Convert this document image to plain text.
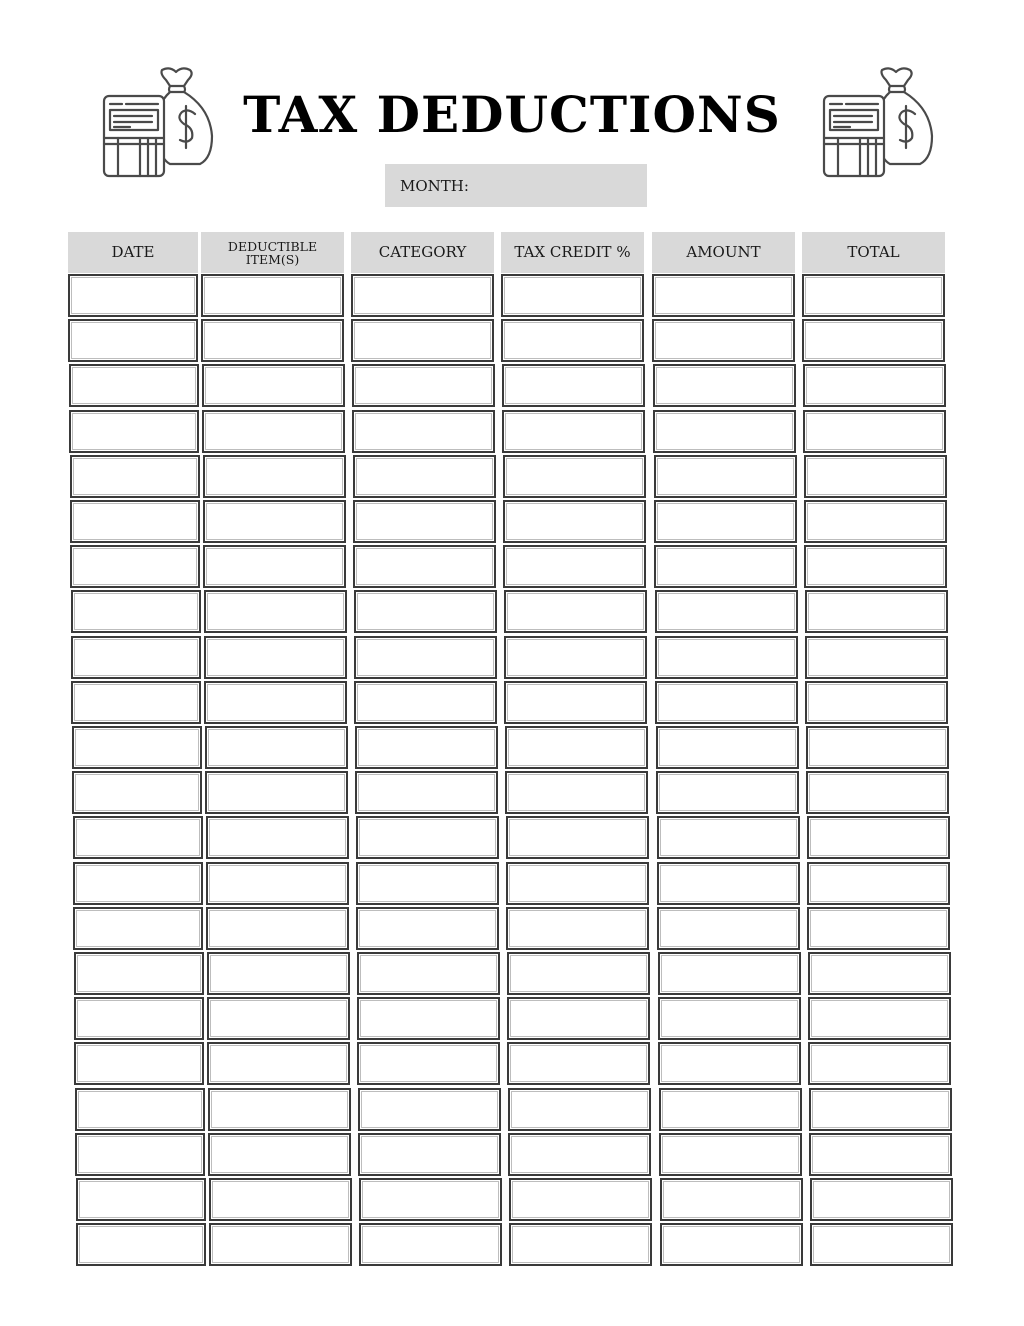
TAX DEDUCTIONS
MONTH:
DATE	DEDUCTIBLE ITEM(S)	CATEGORY	TAX CREDIT %	AMOUNT	TOTAL
